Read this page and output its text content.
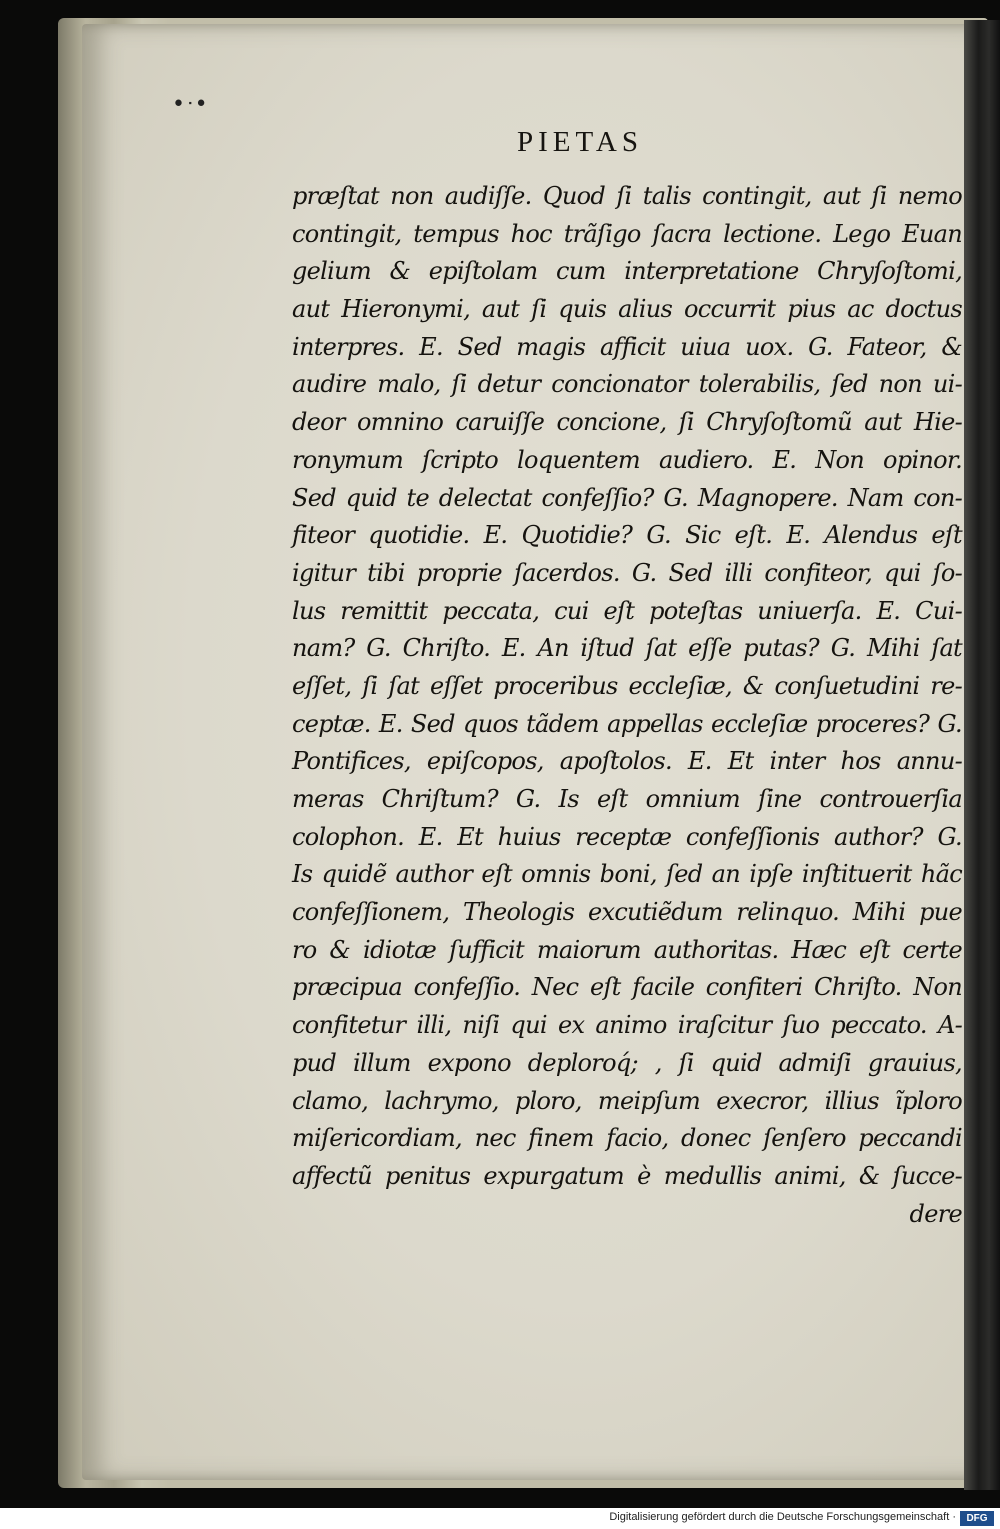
•ᐧ•
PIETAS
præſtat non audiſſe. Quod ſi talis contingit, aut ſi nemo
contingit, tempus hoc trãſigo ſacra lectione. Lego Euan
gelium & epiſtolam cum interpretatione Chryſoſtomi,
aut Hieronymi, aut ſi quis alius occurrit pius ac doctus
interpres. E. Sed magis afficit uiua uox. G. Fateor, &
audire malo, ſi detur concionator tolerabilis, ſed non ui-
deor omnino caruiſſe concione, ſi Chryſoſtomũ aut Hie-
ronymum ſcripto loquentem audiero. E. Non opinor.
Sed quid te delectat confeſſio? G. Magnopere. Nam con-
fiteor quotidie. E. Quotidie? G. Sic eſt. E. Alendus eſt
igitur tibi proprie ſacerdos. G. Sed illi confiteor, qui ſo-
lus remittit peccata, cui eſt poteſtas uniuerſa. E. Cui-
nam? G. Chriſto. E. An iſtud ſat eſſe putas? G. Mihi ſat
eſſet, ſi ſat eſſet proceribus eccleſiæ, & conſuetudini re-
ceptæ. E. Sed quos tãdem appellas eccleſiæ proceres? G.
Pontifices, epiſcopos, apoſtolos. E. Et inter hos annu-
meras Chriſtum? G. Is eſt omnium ſine controuerſia
colophon. E. Et huius receptæ confeſſionis author? G.
Is quidẽ author eſt omnis boni, ſed an ipſe inſtituerit hãc
confeſſionem, Theologis excutiẽdum relinquo. Mihi pue
ro & idiotæ ſufficit maiorum authoritas. Hæc eſt certe
præcipua confeſſio. Nec eſt facile confiteri Chriſto. Non
confitetur illi, niſi qui ex animo iraſcitur ſuo peccato. A-
pud illum expono deploroq́; , ſi quid admiſi grauius,
clamo, lachrymo, ploro, meipſum execror, illius ĩploro
miſericordiam, nec finem facio, donec ſenſero peccandi
affectũ penitus expurgatum è medullis animi, & ſucce-
dere
Digitalisierung gefördert durch die Deutsche Forschungsgemeinschaft ·	DFG
